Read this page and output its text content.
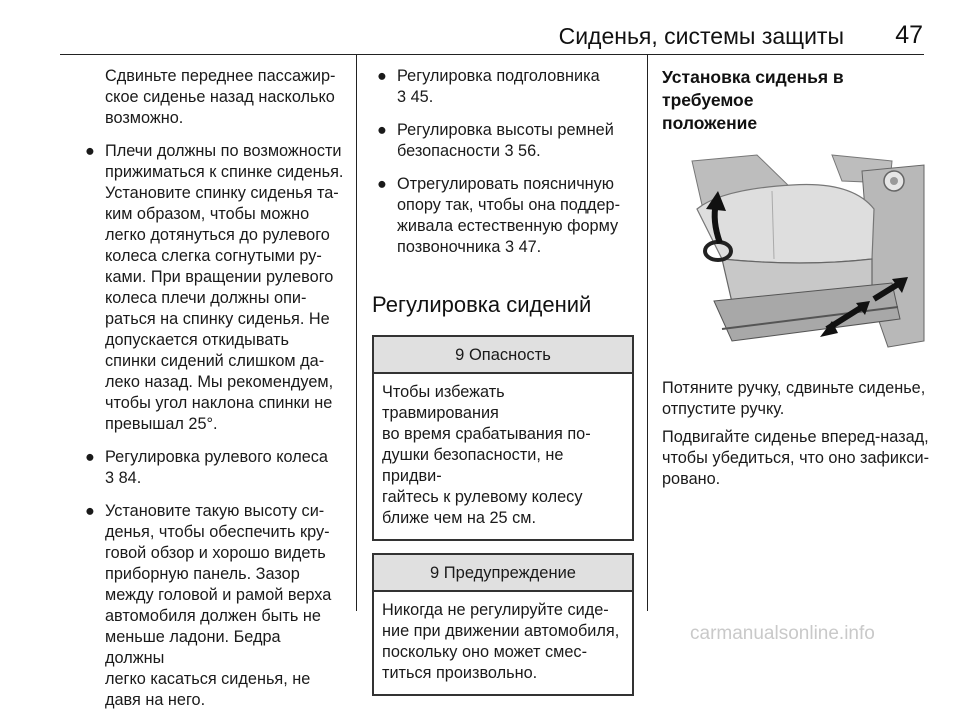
Сиденья, системы защиты 47

Сдвиньте переднее пассажир-
ское сиденье назад насколько
возможно.

● Плечи должны по возможности
прижиматься к спинке сиденья.
Установите спинку сиденья та-
ким образом, чтобы можно
легко дотянуться до рулевого
колеса слегка согнутыми ру-
ками. При вращении рулевого
колеса плечи должны опи-
раться на спинку сиденья. Не
допускается откидывать
спинки сидений слишком да-
леко назад. Мы рекомендуем,
чтобы угол наклона спинки не
превышал 25°.
● Регулировка рулевого колеса
3 84.
● Установите такую высоту си-
денья, чтобы обеспечить кру-
говой обзор и хорошо видеть
приборную панель. Зазор
между головой и рамой верха
автомобиля должен быть не
меньше ладони. Бедра должны
легко касаться сиденья, не
давя на него.
● Регулировка подголовника
3 45.
● Регулировка высоты ремней
безопасности 3 56.
● Отрегулировать поясничную
опору так, чтобы она поддер-
живала естественную форму
позвоночника 3 47.
Регулировка сидений
9 Опасность
Чтобы избежать травмирования
во время срабатывания по-
душки безопасности, не придви-
гайтесь к рулевому колесу
ближе чем на 25 см.
9 Предупреждение
Никогда не регулируйте сиде-
ние при движении автомобиля,
поскольку оно может смес-
титься произвольно.
Установка сиденья в требуемое
положение

Потяните ручку, сдвиньте сиденье,
отпустите ручку.

Подвигайте сиденье вперед-назад,
чтобы убедиться, что оно зафикси-
ровано.

carmanualsonline.info
